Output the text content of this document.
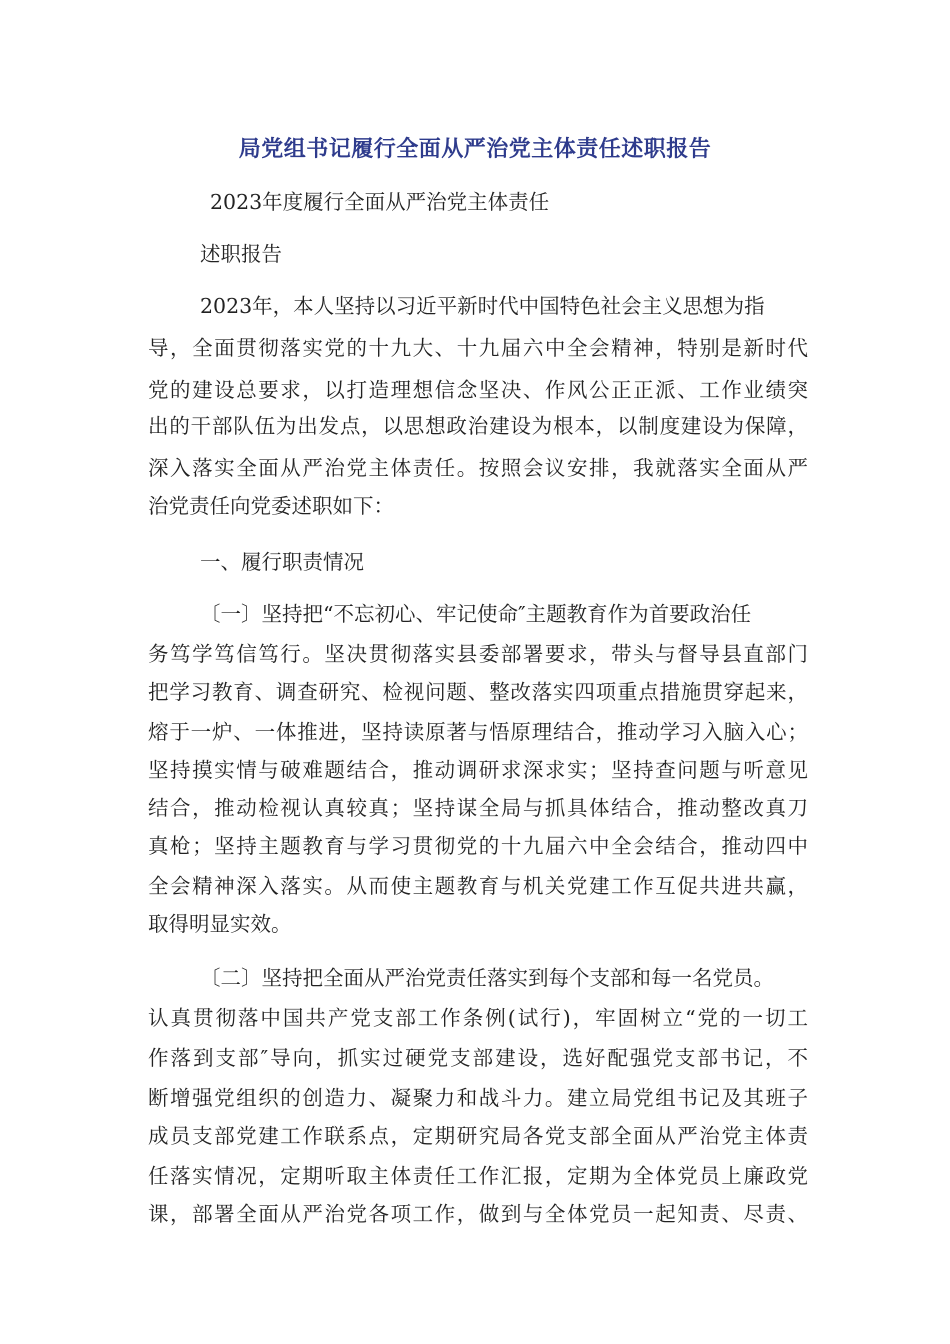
局党组书记履行全面从严治党主体责任述职报告
2023年度履行全面从严治党主体责任
述职报告
2023年，本人坚持以习近平新时代中国特色社会主义思想为指
导，全面贯彻落实党的十九大、十九届六中全会精神，特别是新时代
党的建设总要求，以打造理想信念坚决、作风公正正派、工作业绩突
出的干部队伍为出发点，以思想政治建设为根本，以制度建设为保障，
深入落实全面从严治党主体责任。按照会议安排，我就落实全面从严
治党责任向党委述职如下：
一、履行职责情况
〔一〕坚持把“不忘初心、牢记使命″主题教育作为首要政治任
务笃学笃信笃行。坚决贯彻落实县委部署要求，带头与督导县直部门
把学习教育、调查研究、检视问题、整改落实四项重点措施贯穿起来，
熔于一炉、一体推进，坚持读原著与悟原理结合，推动学习入脑入心；
坚持摸实情与破难题结合，推动调研求深求实；坚持查问题与听意见
结合，推动检视认真较真；坚持谋全局与抓具体结合，推动整改真刀
真枪；坚持主题教育与学习贯彻党的十九届六中全会结合，推动四中
全会精神深入落实。从而使主题教育与机关党建工作互促共进共赢，
取得明显实效。
〔二〕坚持把全面从严治党责任落实到每个支部和每一名党员。
认真贯彻落中国共产党支部工作条例(试行)，牢固树立“党的一切工
作落到支部″导向，抓实过硬党支部建设，选好配强党支部书记，不
断增强党组织的创造力、凝聚力和战斗力。建立局党组书记及其班子
成员支部党建工作联系点，定期研究局各党支部全面从严治党主体责
任落实情况，定期听取主体责任工作汇报，定期为全体党员上廉政党
课，部署全面从严治党各项工作，做到与全体党员一起知责、尽责、
